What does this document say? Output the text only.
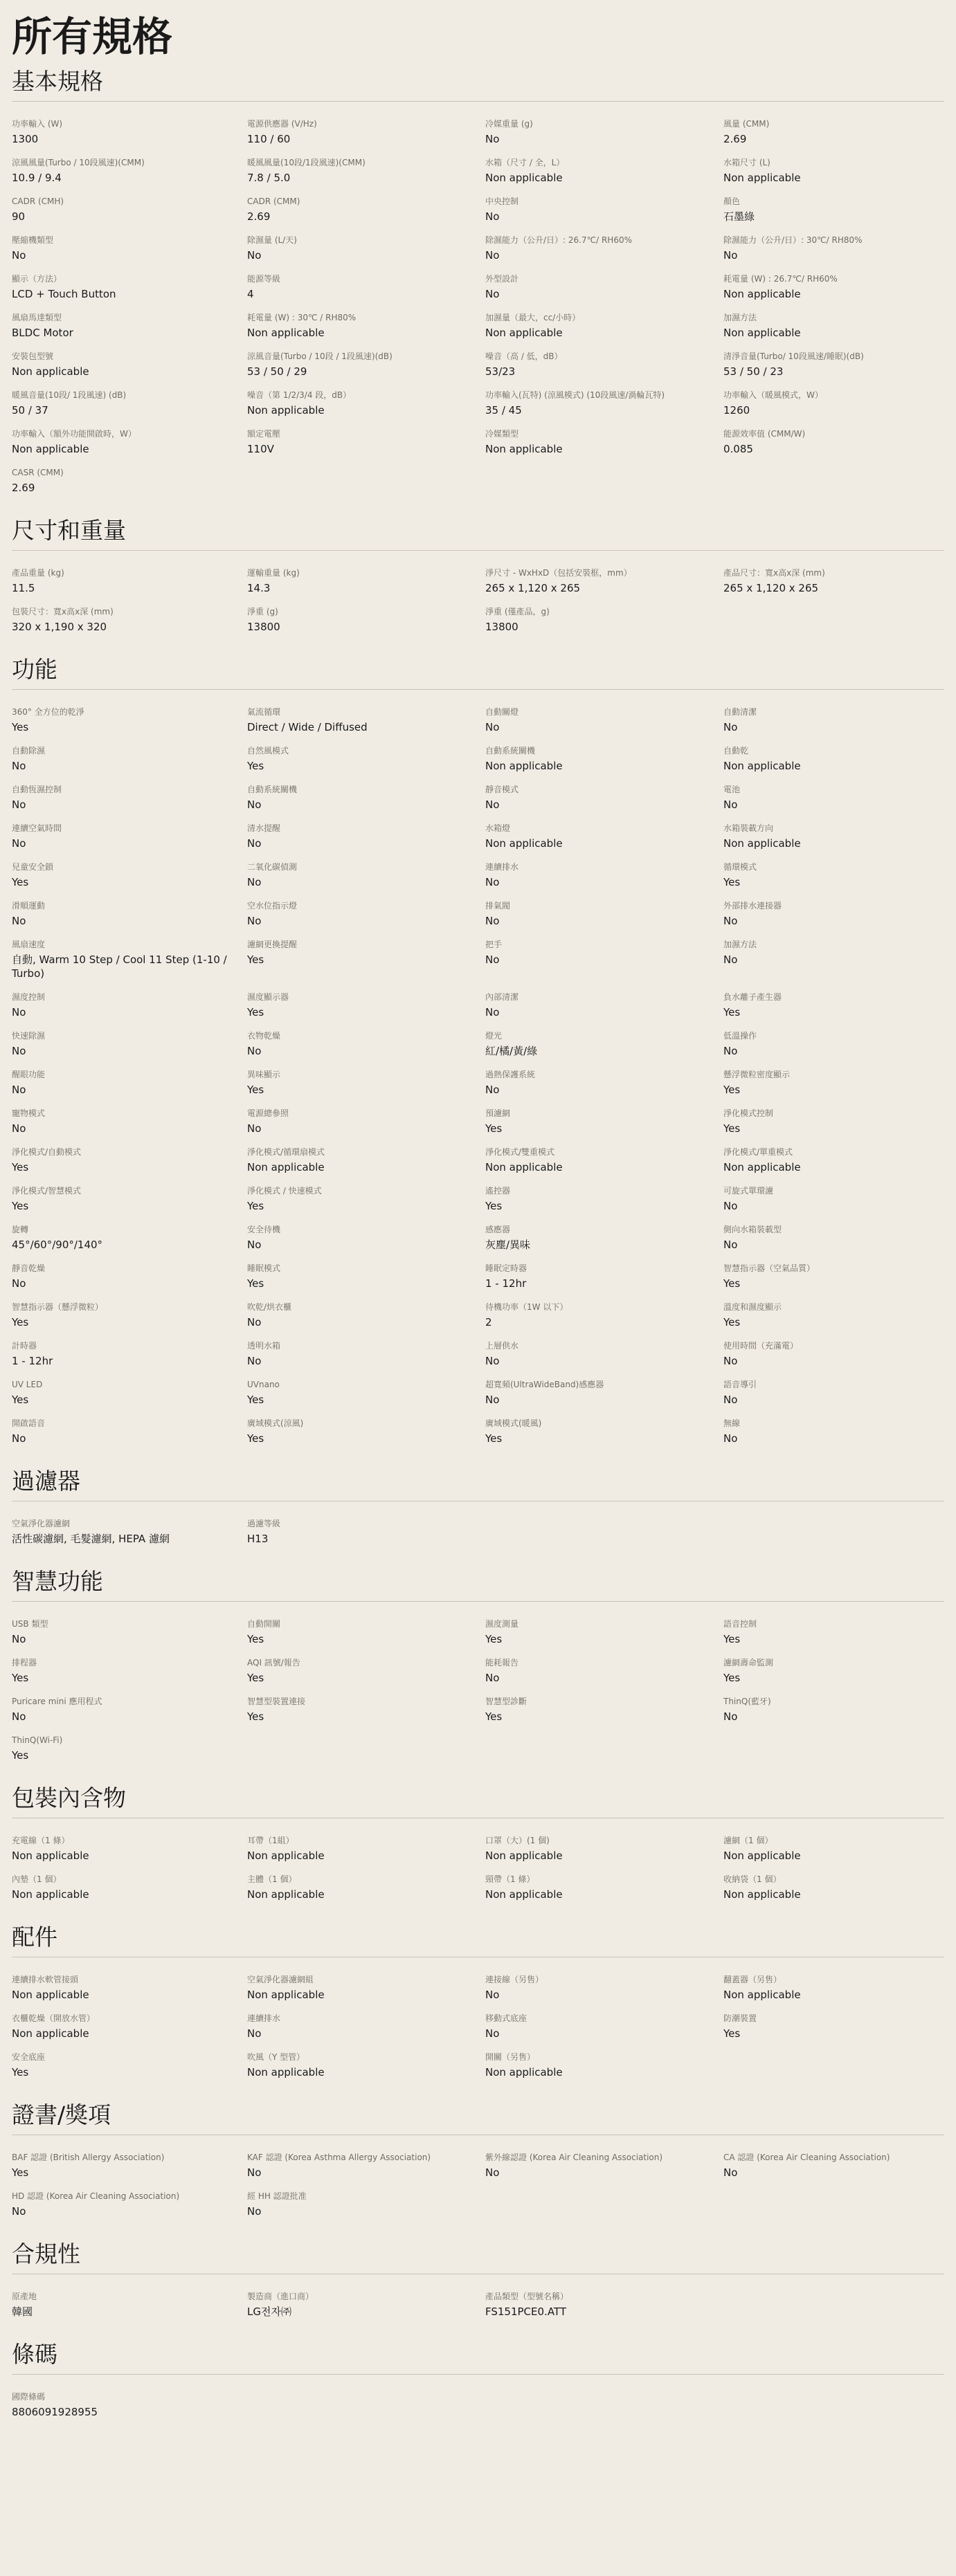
所有規格
基本規格
功率輸入 (W)
1300
電源供應器 (V/Hz)
110 / 60
冷媒重量 (g)
No
風量 (CMM)
2.69
涼風風量(Turbo / 10段風速)(CMM)
10.9 / 9.4
暖風風量(10段/1段風速)(CMM)
7.8 / 5.0
水箱（尺寸 / 全，L）
Non applicable
水箱尺寸 (L)
Non applicable
CADR (CMH)
90
CADR (CMM)
2.69
中央控制
No
顏色
石墨綠
壓縮機類型
No
除濕量 (L/天)
No
除濕能力（公升/日）: 26.7℃/ RH60%
No
除濕能力（公升/日）: 30℃/ RH80%
No
顯示（方法）
LCD + Touch Button
能源等級
4
外型設計
No
耗電量 (W) : 26.7℃/ RH60%
Non applicable
風扇馬達類型
BLDC Motor
耗電量 (W) : 30℃ / RH80%
Non applicable
加濕量（最大，cc/小時）
Non applicable
加濕方法
Non applicable
安裝包型號
Non applicable
涼風音量(Turbo / 10段 / 1段風速)(dB)
53 / 50 / 29
噪音（高 / 低，dB）
53/23
清淨音量(Turbo/ 10段風速/睡眠)(dB)
53 / 50 / 23
暖風音量(10段/ 1段風速) (dB)
50 / 37
噪音（第 1/2/3/4 段，dB）
Non applicable
功率輸入(瓦特) (涼風模式) (10段風速/渦輪瓦特)
35 / 45
功率輸入（暖風模式，W）
1260
功率輸入（額外功能開啟時，W）
Non applicable
額定電壓
110V
冷媒類型
Non applicable
能源效率值 (CMM/W)
0.085
CASR (CMM)
2.69
尺寸和重量
產品重量 (kg)
11.5
運輸重量 (kg)
14.3
淨尺寸 - WxHxD（包括安裝框，mm）
265 x 1,120 x 265
產品尺寸：寬x高x深 (mm)
265 x 1,120 x 265
包裝尺寸：寬x高x深 (mm)
320 x 1,190 x 320
淨重 (g)
13800
淨重 (僅產品，g)
13800
功能
360° 全方位的乾淨
Yes
氣流循環
Direct / Wide / Diffused
自動關燈
No
自動清潔
No
自動除濕
No
自然風模式
Yes
自動系統關機
Non applicable
自動乾
Non applicable
自動恆濕控制
No
自動系統關機
No
靜音模式
No
電池
No
連續空氣時間
No
清水提醒
No
水箱燈
Non applicable
水箱裝載方向
Non applicable
兒童安全鎖
Yes
二氧化碳偵測
No
連續排水
No
循環模式
Yes
滑順運動
No
空水位指示燈
No
排氣閥
No
外部排水連接器
No
風扇速度
自動, Warm 10 Step / Cool 11 Step (1-10 / Turbo)
濾網更換提醒
Yes
把手
No
加濕方法
No
濕度控制
No
濕度顯示器
Yes
內部清潔
No
負水離子產生器
Yes
快速除濕
No
衣物乾燥
No
燈光
紅/橘/黃/綠
低溫操作
No
醒眼功能
No
異味顯示
Yes
過熱保護系統
No
懸浮微粒密度顯示
Yes
寵物模式
No
電源總參照
No
預濾網
Yes
淨化模式控制
Yes
淨化模式/自動模式
Yes
淨化模式/循環扇模式
Non applicable
淨化模式/雙重模式
Non applicable
淨化模式/單重模式
Non applicable
淨化模式/智慧模式
Yes
淨化模式 / 快速模式
Yes
遙控器
Yes
可旋式單環濾
No
旋轉
45°/60°/90°/140°
安全待機
No
感應器
灰塵/異味
側向水箱裝載型
No
靜音乾燥
No
睡眠模式
Yes
睡眠定時器
1 - 12hr
智慧指示器（空氣品質）
Yes
智慧指示器（懸浮微粒）
Yes
吹乾/烘衣櫃
No
待機功率（1W 以下）
2
溫度和濕度顯示
Yes
計時器
1 - 12hr
透明水箱
No
上層供水
No
使用時間（充滿電）
No
UV LED
Yes
UVnano
Yes
超寬頻(UltraWideBand)感應器
No
語音導引
No
開啟語音
No
廣域模式(涼風)
Yes
廣域模式(暖風)
Yes
無線
No
過濾器
空氣淨化器濾網
活性碳濾網, 毛髮濾網, HEPA 濾網
過濾等級
H13
智慧功能
USB 類型
No
自動開關
Yes
濕度測量
Yes
語音控制
Yes
排程器
Yes
AQI 訊號/報告
Yes
能耗報告
No
濾網壽命監測
Yes
Puricare mini 應用程式
No
智慧型裝置連接
Yes
智慧型診斷
Yes
ThinQ(藍牙)
No
ThinQ(Wi-Fi)
Yes
包裝內含物
充電線（1 條）
Non applicable
耳帶（1組）
Non applicable
口罩（大）(1 個)
Non applicable
濾網（1 個）
Non applicable
內墊（1 個）
Non applicable
主體（1 個）
Non applicable
頸帶（1 條）
Non applicable
收納袋（1 個）
Non applicable
配件
連續排水軟管接頭
Non applicable
空氣淨化器濾網組
Non applicable
連接線（另售）
No
翻蓋器（另售）
Non applicable
衣櫃乾燥（開放水管）
Non applicable
連續排水
No
移動式底座
No
防潮裝置
Yes
安全底座
Yes
吹風（Y 型管）
Non applicable
開關（另售）
Non applicable
證書/獎項
BAF 認證 (British Allergy Association)
Yes
KAF 認證 (Korea Asthma Allergy Association)
No
紫外線認證 (Korea Air Cleaning Association)
No
CA 認證 (Korea Air Cleaning Association)
No
HD 認證 (Korea Air Cleaning Association)
No
經 HH 認證批准
No
合規性
原產地
韓國
製造商（進口商）
LG전자㈜
產品類型（型號名稱）
FS151PCE0.ATT
條碼
國際條碼
8806091928955
